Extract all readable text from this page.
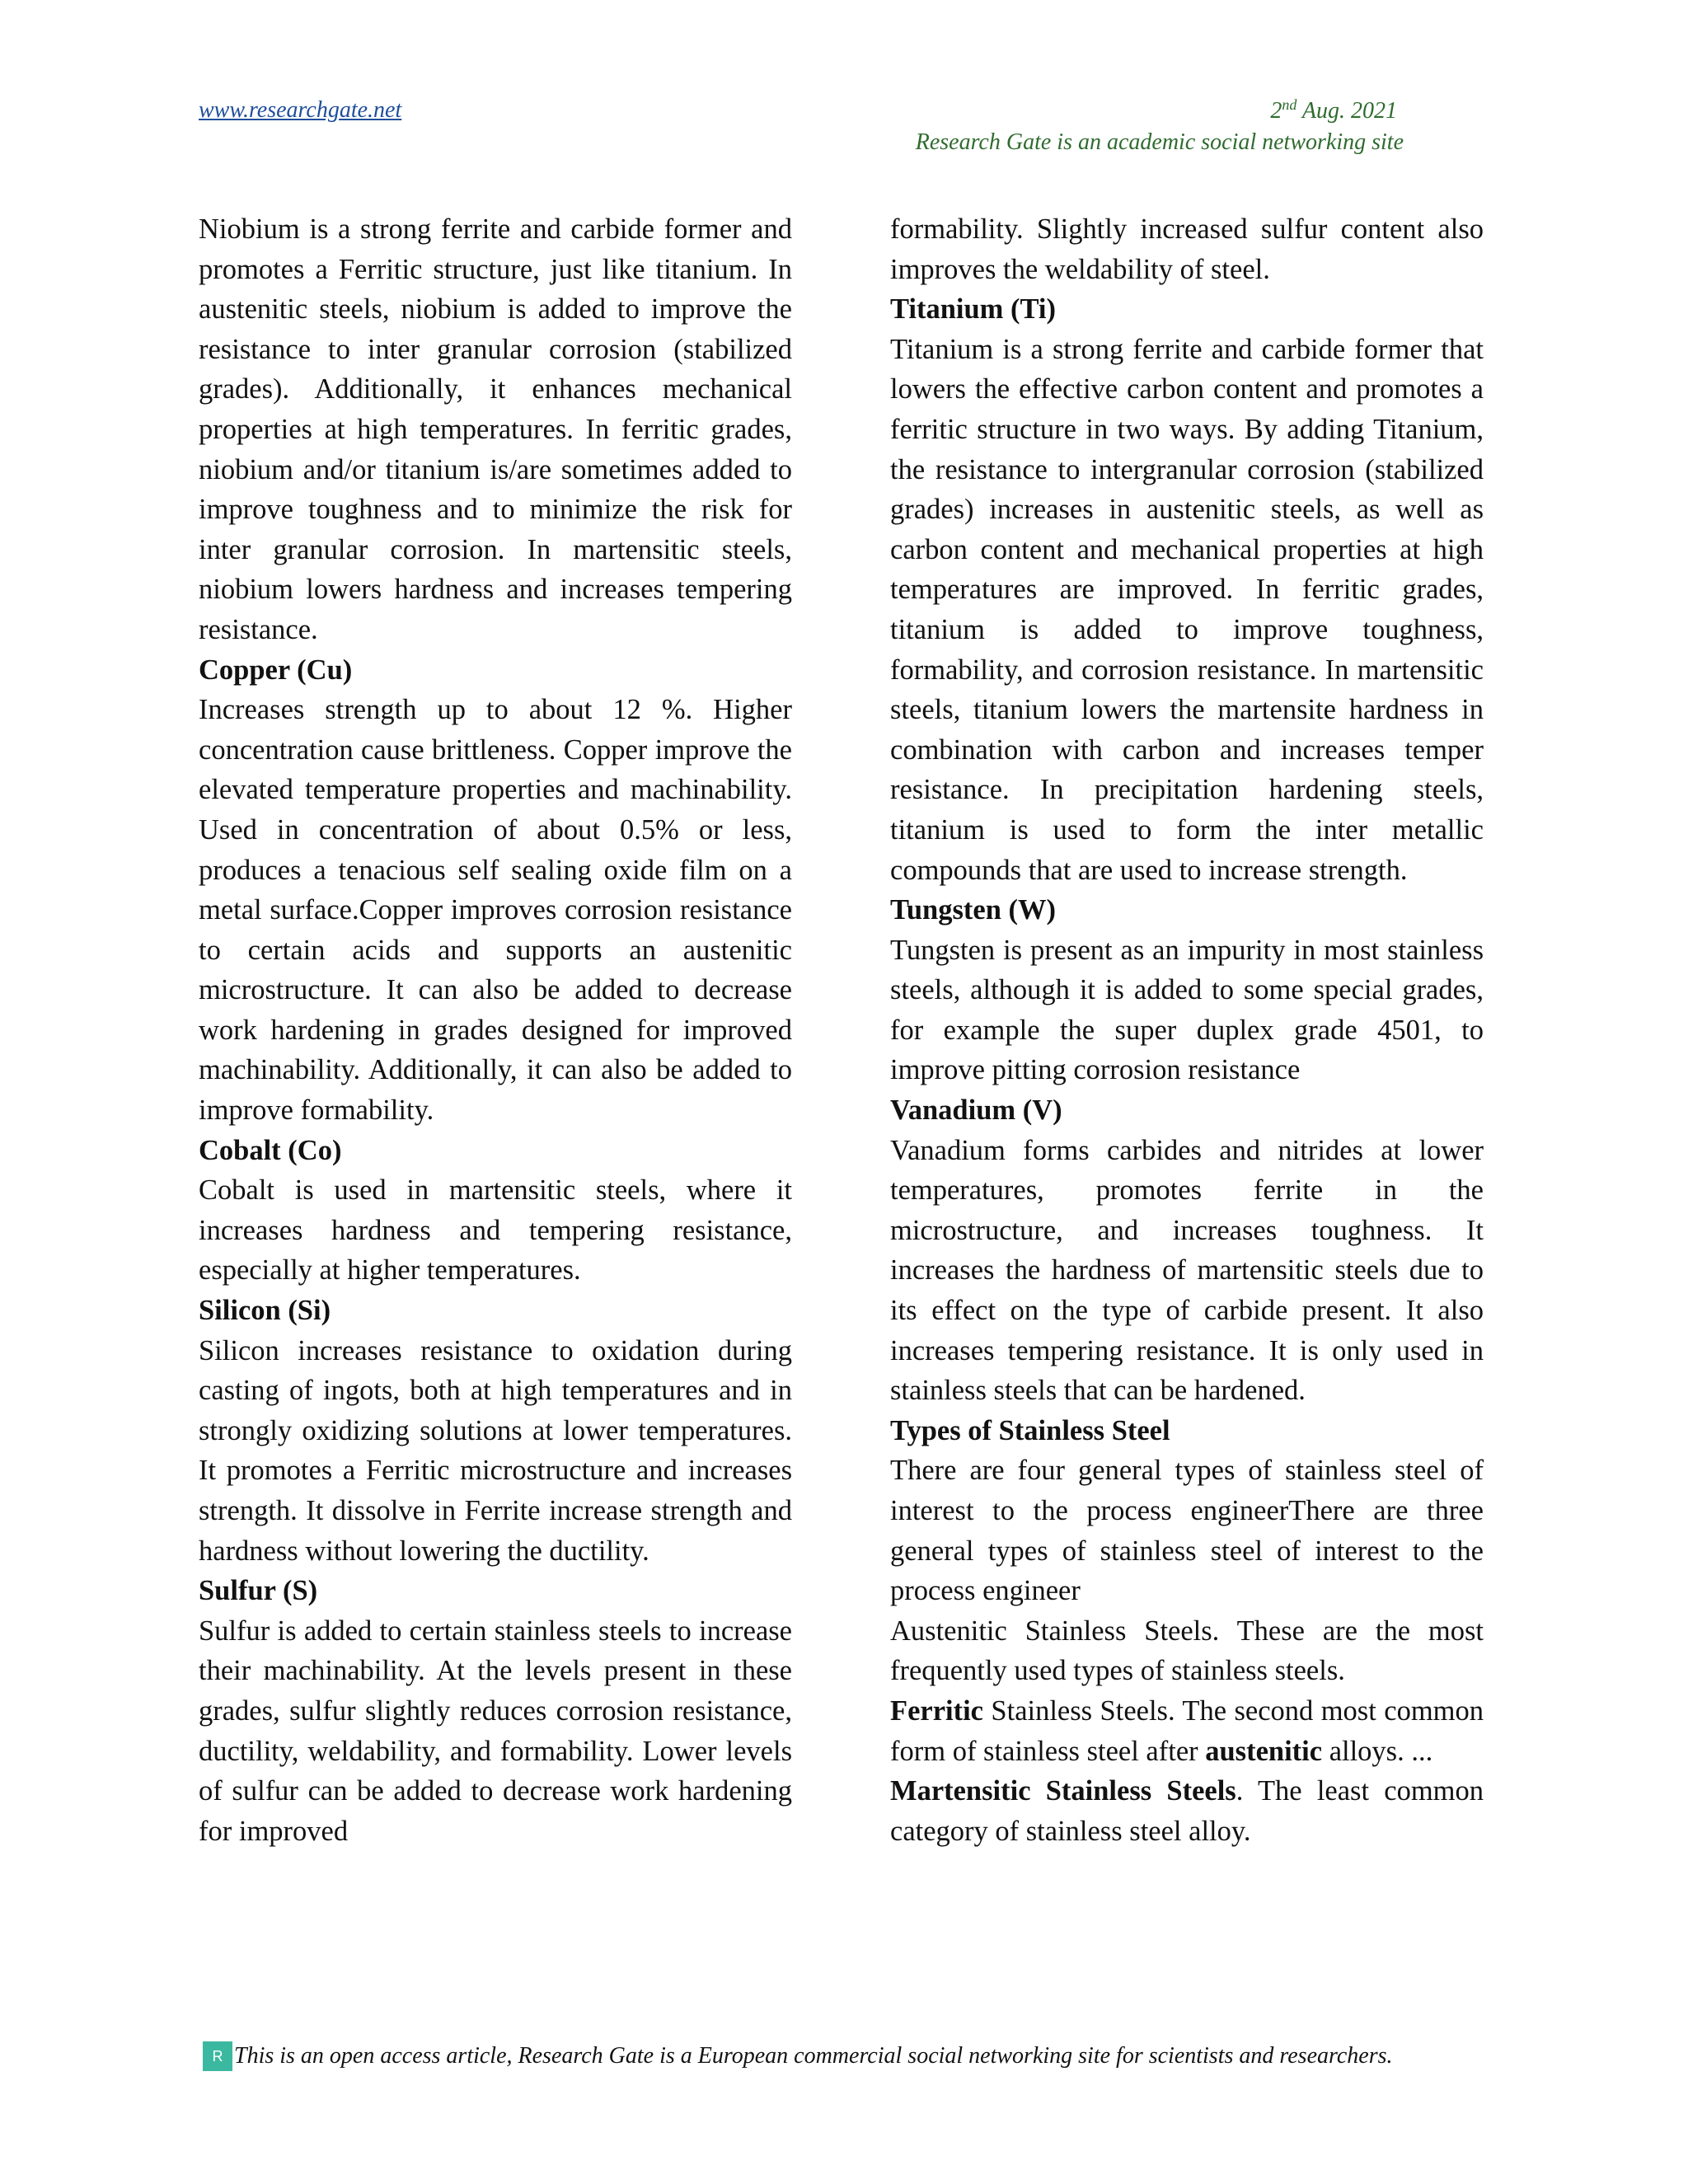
www.researchgate.net	2nd Aug. 2021
Research Gate is an academic social networking site

Niobium is a strong ferrite and carbide former and promotes a Ferritic structure, just like titanium. In austenitic steels, niobium is added to improve the resistance to inter granular corrosion (stabilized grades). Additionally, it enhances mechanical properties at high temperatures. In ferritic grades, niobium and/or titanium is/are sometimes added to improve toughness and to minimize the risk for inter granular corrosion. In martensitic steels, niobium lowers hardness and increases tempering resistance.

Copper (Cu)

Increases strength up to about 12 %. Higher concentration cause brittleness. Copper improve the elevated temperature properties and machinability. Used in concentration of about 0.5% or less, produces a tenacious self sealing oxide film on a metal surface.Copper improves corrosion resistance to certain acids and supports an austenitic microstructure. It can also be added to decrease work hardening in grades designed for improved machinability. Additionally, it can also be added to improve formability.

Cobalt (Co)

Cobalt is used in martensitic steels, where it increases hardness and tempering resistance, especially at higher temperatures.

Silicon (Si)

Silicon increases resistance to oxidation during casting of ingots, both at high temperatures and in strongly oxidizing solutions at lower temperatures. It promotes a Ferritic microstructure and increases strength. It dissolve in Ferrite increase strength and hardness without lowering the ductility.

Sulfur (S)

Sulfur is added to certain stainless steels to increase their machinability. At the levels present in these grades, sulfur slightly reduces corrosion resistance, ductility, weldability, and formability. Lower levels of sulfur can be added to decrease work hardening for improved

formability. Slightly increased sulfur content also improves the weldability of steel.

Titanium (Ti)

Titanium is a strong ferrite and carbide former that lowers the effective carbon content and promotes a ferritic structure in two ways. By adding Titanium, the resistance to intergranular corrosion (stabilized grades) increases in austenitic steels, as well as carbon content and mechanical properties at high temperatures are improved. In ferritic grades, titanium is added to improve toughness, formability, and corrosion resistance. In martensitic steels, titanium lowers the martensite hardness in combination with carbon and increases temper resistance. In precipitation hardening steels, titanium is used to form the inter metallic compounds that are used to increase strength.

Tungsten (W)

Tungsten is present as an impurity in most stainless steels, although it is added to some special grades, for example the super duplex grade 4501, to improve pitting corrosion resistance

Vanadium (V)

Vanadium forms carbides and nitrides at lower temperatures, promotes ferrite in the microstructure, and increases toughness. It increases the hardness of martensitic steels due to its effect on the type of carbide present. It also increases tempering resistance. It is only used in stainless steels that can be hardened.

Types of Stainless Steel

There are four general types of stainless steel of interest to the process engineerThere are three general types of stainless steel of interest to the process engineer

Austenitic Stainless Steels. These are the most frequently used types of stainless steels.

Ferritic Stainless Steels. The second most common form of stainless steel after austenitic alloys. ...

Martensitic Stainless Steels. The least common category of stainless steel alloy.

R This is an open access article, Research Gate is a European commercial social networking site for scientists and researchers.
